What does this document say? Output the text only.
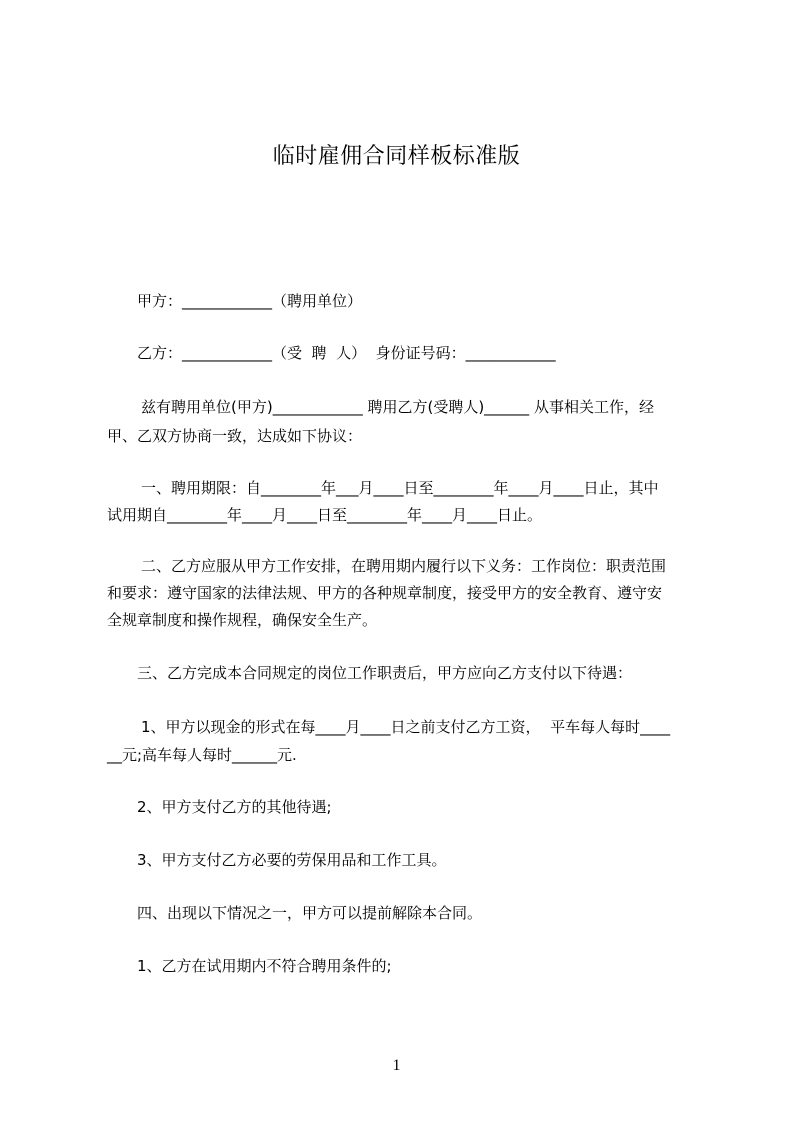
临时雇佣合同样板标准版
甲方：____________（聘用单位）
乙方：____________（受  聘  人）  身份证号码：____________
兹有聘用单位(甲方)____________ 聘用乙方(受聘人)______ 从事相关工作，经
甲、乙双方协商一致，达成如下协议：
一、聘用期限：自________年___月____日至________年____月____日止，其中
试用期自________年____月____日至________年____月____日止。
二、乙方应服从甲方工作安排，在聘用期内履行以下义务：工作岗位：职责范围
和要求：遵守国家的法律法规、甲方的各种规章制度，接受甲方的安全教育、遵守安
全规章制度和操作规程，确保安全生产。
三、乙方完成本合同规定的岗位工作职责后，甲方应向乙方支付以下待遇：
1、甲方以现金的形式在每____月____日之前支付乙方工资，  平车每人每时____
__元;高车每人每时______元.
2、甲方支付乙方的其他待遇;
3、甲方支付乙方必要的劳保用品和工作工具。
四、出现以下情况之一，甲方可以提前解除本合同。
1、乙方在试用期内不符合聘用条件的;
1
